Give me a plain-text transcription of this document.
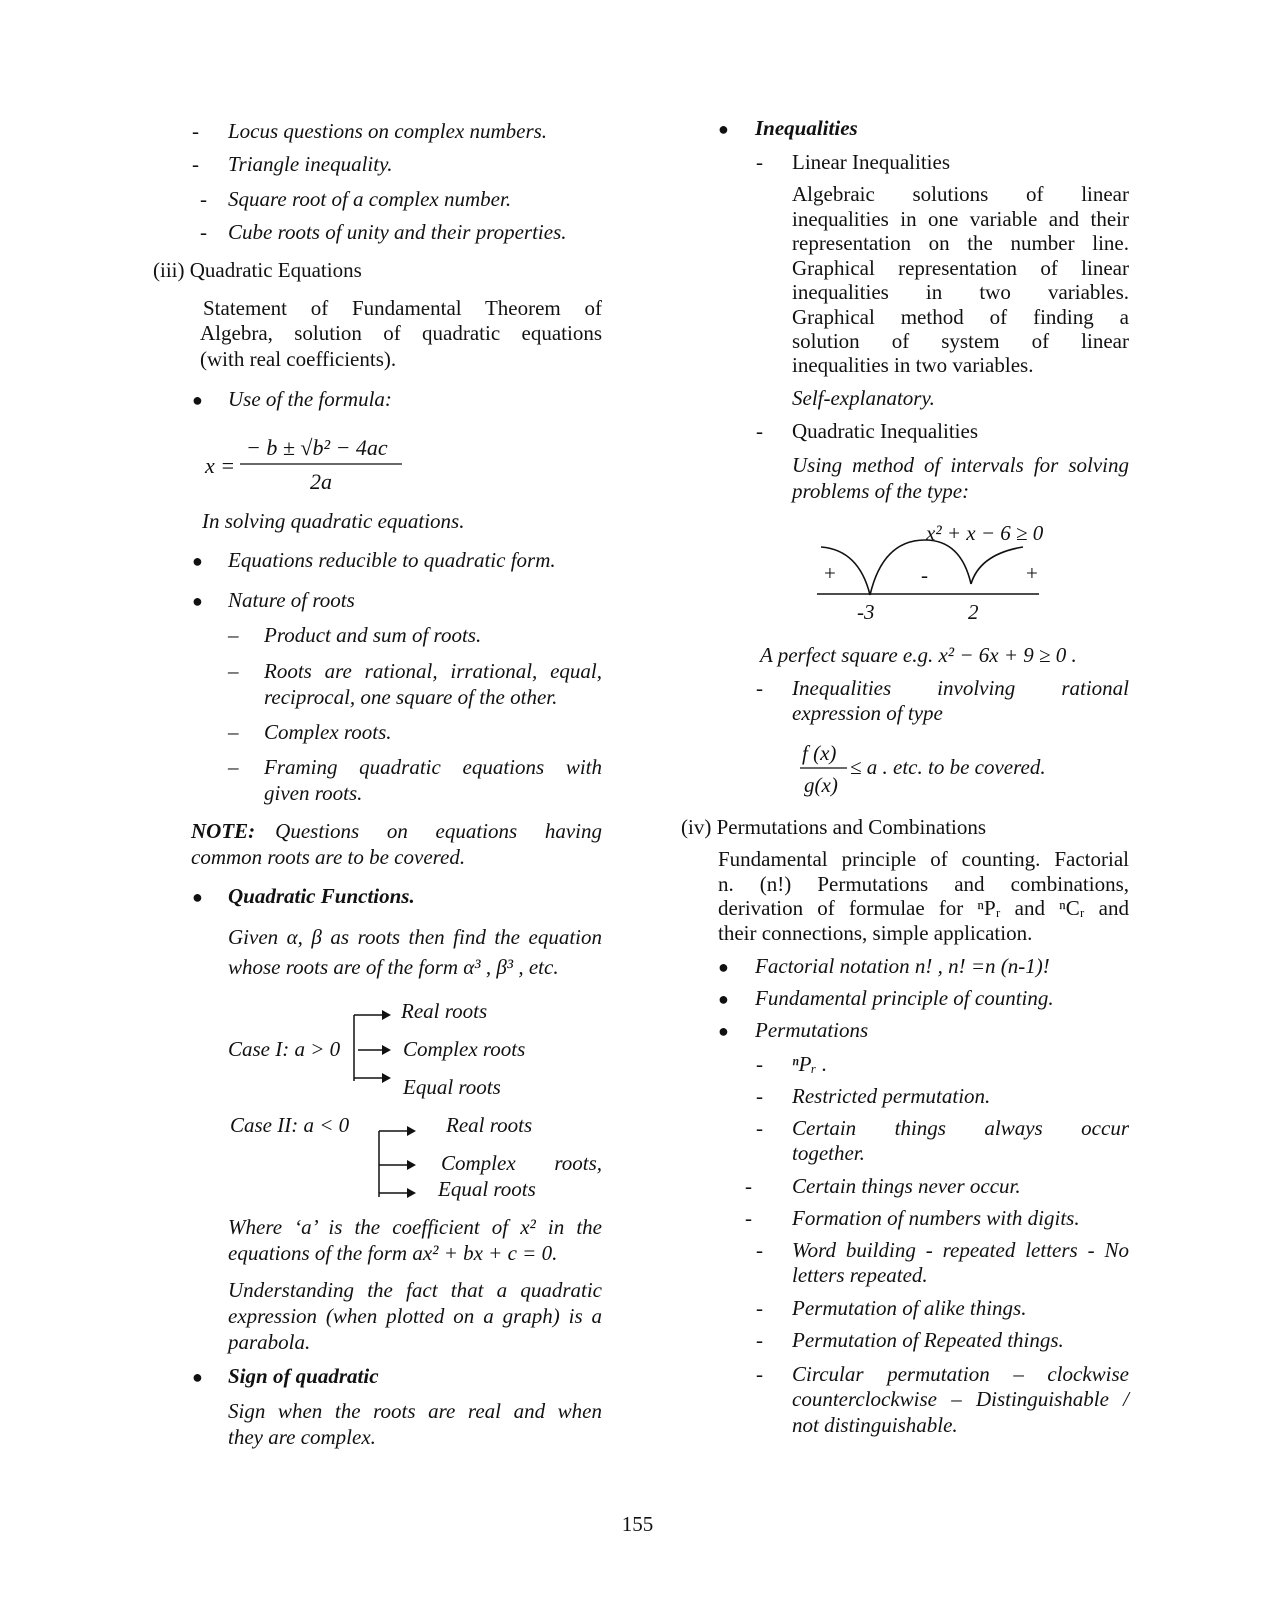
- Locus questions on complex numbers.
- Triangle inequality.
- Square root of a complex number.
- Cube roots of unity and their properties.
(iii) Quadratic Equations
Statement of Fundamental Theorem of
Algebra, solution of quadratic equations
(with real coefficients).
● Use of the formula:
x =
− b ± √b² − 4ac
2a
In solving quadratic equations.
● Equations reducible to quadratic form.
● Nature of roots
– Product and sum of roots.
– Roots are rational, irrational, equal,
reciprocal, one square of the other.
– Complex roots.
– Framing quadratic equations with
given roots.
NOTE: Questions on equations having
common roots are to be covered.
● Quadratic Functions.
Given α, β as roots then find the equation
whose roots are of the form α³ , β³ , etc.
Case I: a > 0
Real roots
Complex roots
Equal roots
Case II: a < 0	Real roots
Complex roots,
Equal roots
Where ‘a’ is the coefficient of x² in the
equations of the form ax² + bx + c = 0.
Understanding the fact that a quadratic
expression (when plotted on a graph) is a
parabola.
● Sign of quadratic
Sign when the roots are real and when
they are complex.
● Inequalities
- Linear Inequalities
Algebraic solutions of linear
inequalities in one variable and their
representation on the number line.
Graphical representation of linear
inequalities in two variables.
Graphical method of finding a
solution of system of linear
inequalities in two variables.
Self-explanatory.
- Quadratic Inequalities
Using method of intervals for solving
problems of the type:
x² + x − 6 ≥ 0
+	-	+
-3	2
A perfect square e.g. x² − 6x + 9 ≥ 0 .
- Inequalities involving rational
expression of type
f (x)
g(x)
≤ a . etc. to be covered.
(iv) Permutations and Combinations
Fundamental principle of counting. Factorial
n. (n!) Permutations and combinations,
derivation of formulae for ⁿPᵣ and ⁿCᵣ and
their connections, simple application.
● Factorial notation n! , n! =n (n-1)!
● Fundamental principle of counting.
● Permutations
- ⁿPᵣ .
- Restricted permutation.
- Certain things always occur
together.
- Certain things never occur.
- Formation of numbers with digits.
- Word building - repeated letters - No
letters repeated.
- Permutation of alike things.
- Permutation of Repeated things.
- Circular permutation – clockwise
counterclockwise – Distinguishable /
not distinguishable.
155
